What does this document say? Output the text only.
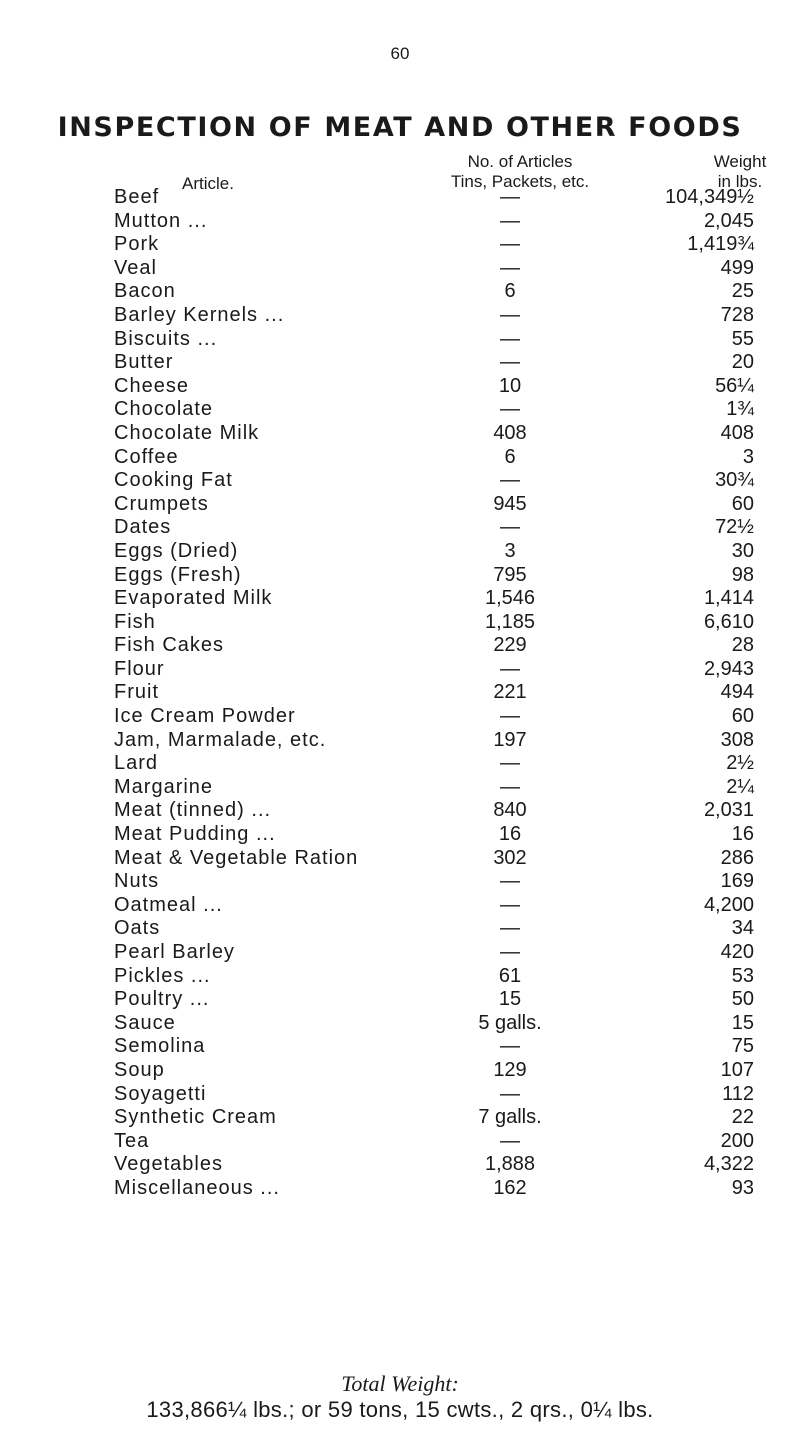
60
INSPECTION OF MEAT AND OTHER FOODS
Article.
No. of Articles
Tins, Packets, etc.
Weight
in lbs.
Beef	—	104,349½
Mutton ...	—	2,045
Pork	—	1,419¾
Veal	—	499
Bacon	6	25
Barley Kernels ...	—	728
Biscuits ...	—	55
Butter	—	20
Cheese	10	56¼
Chocolate	—	1¾
Chocolate Milk	408	408
Coffee	6	3
Cooking Fat	—	30¾
Crumpets	945	60
Dates	—	72½
Eggs (Dried)	3	30
Eggs (Fresh)	795	98
Evaporated Milk	1,546	1,414
Fish	1,185	6,610
Fish Cakes	229	28
Flour	—	2,943
Fruit	221	494
Ice Cream Powder	—	60
Jam, Marmalade, etc.	197	308
Lard	—	2½
Margarine	—	2¼
Meat (tinned) ...	840	2,031
Meat Pudding ...	16	16
Meat & Vegetable Ration	302	286
Nuts	—	169
Oatmeal ...	—	4,200
Oats	—	34
Pearl Barley	—	420
Pickles ...	61	53
Poultry ...	15	50
Sauce	5 galls.	15
Semolina	—	75
Soup	129	107
Soyagetti	—	112
Synthetic Cream	7 galls.	22
Tea	—	200
Vegetables	1,888	4,322
Miscellaneous ...	162	93
Total Weight:
133,866¼ lbs.; or 59 tons, 15 cwts., 2 qrs., 0¼ lbs.
